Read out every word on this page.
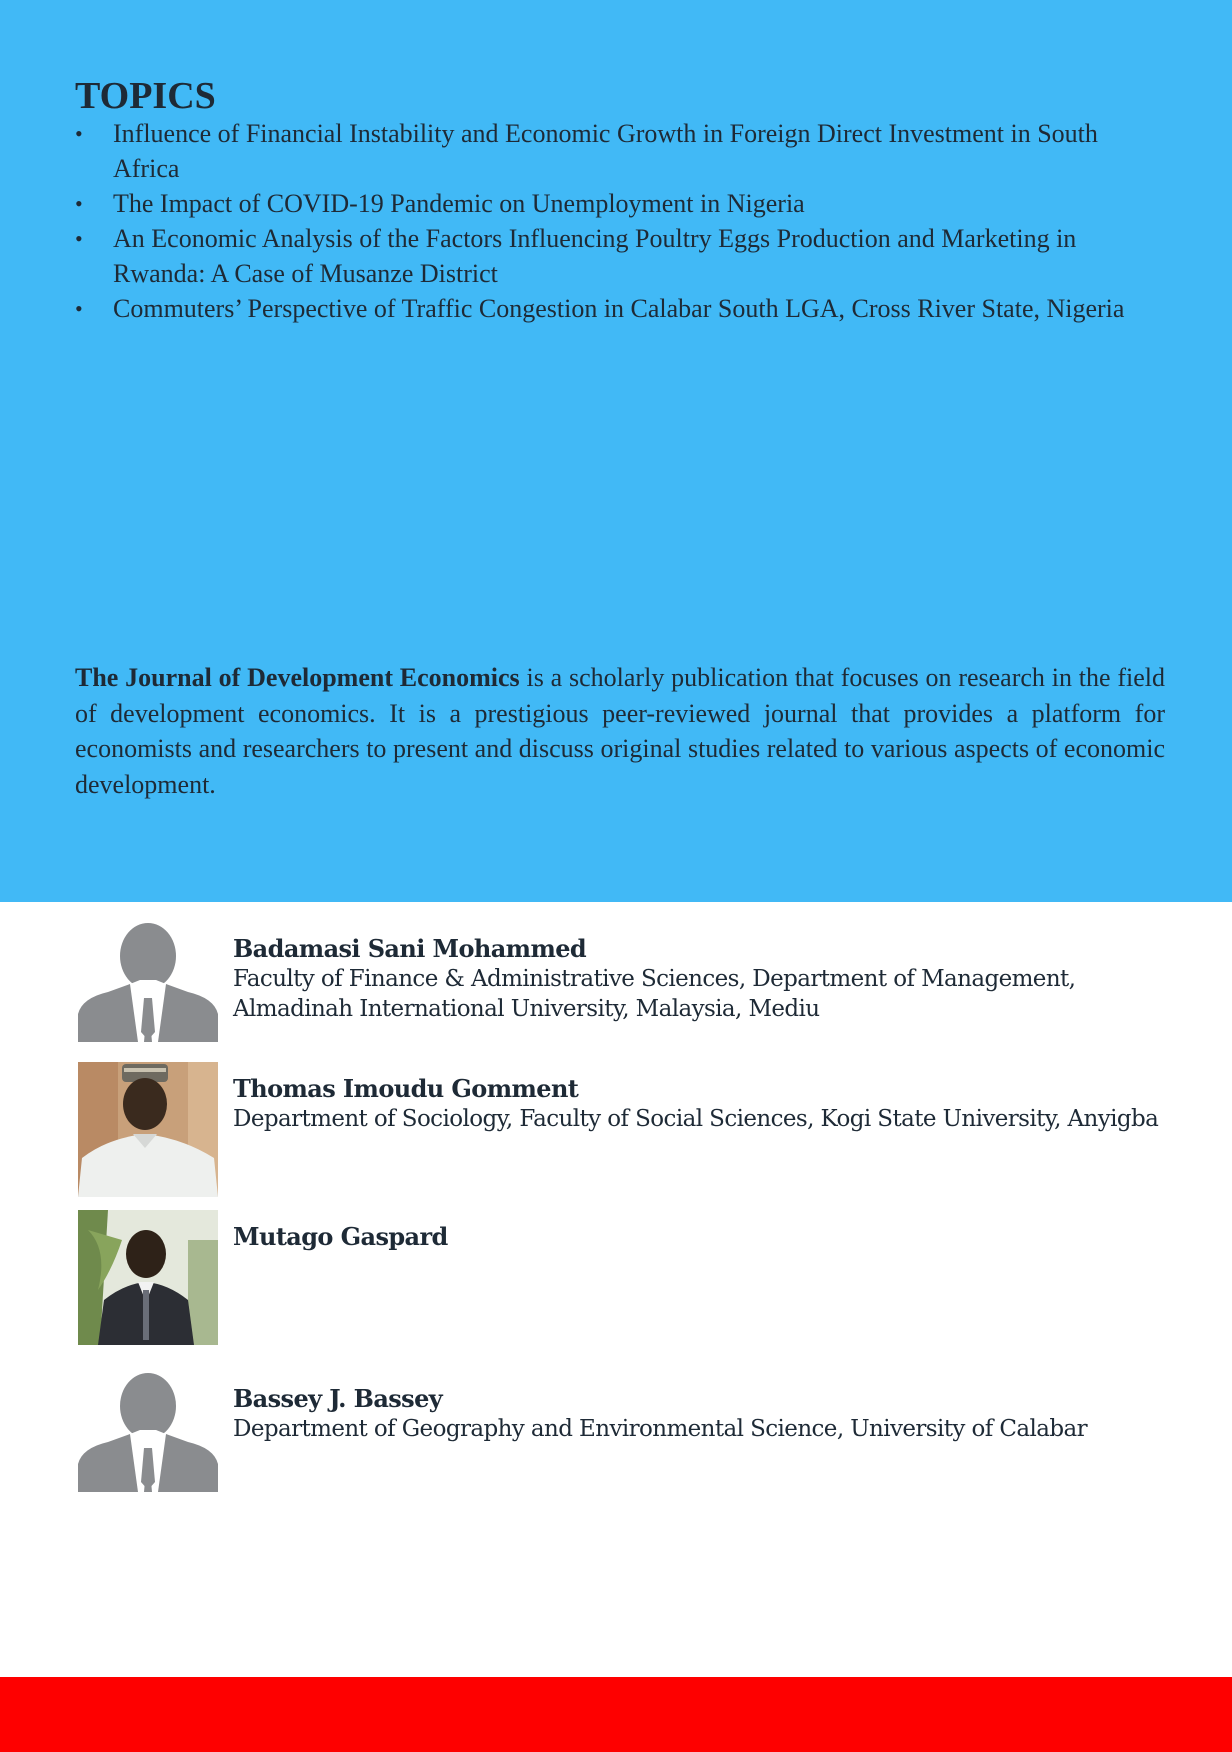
TOPICS
• Influence of Financial Instability and Economic Growth in Foreign Direct Investment in South Africa
• The Impact of COVID-19 Pandemic on Unemployment in Nigeria
• An Economic Analysis of the Factors Influencing Poultry Eggs Production and Marketing in Rwanda: A Case of Musanze District
• Commuters’ Perspective of Traffic Congestion in Calabar South LGA, Cross River State, Nigeria

The Journal of Development Economics is a scholarly publication that focuses on research in the field of development economics. It is a prestigious peer-reviewed journal that provides a platform for economists and researchers to present and discuss original studies related to various aspects of economic development.

Badamasi Sani Mohammed
Faculty of Finance & Administrative Sciences, Department of Management, Almadinah International University, Malaysia, Mediu
Thomas Imoudu Gomment
Department of Sociology, Faculty of Social Sciences, Kogi State University, Anyigba
Mutago Gaspard
Bassey J. Bassey
Department of Geography and Environmental Science, University of Calabar
